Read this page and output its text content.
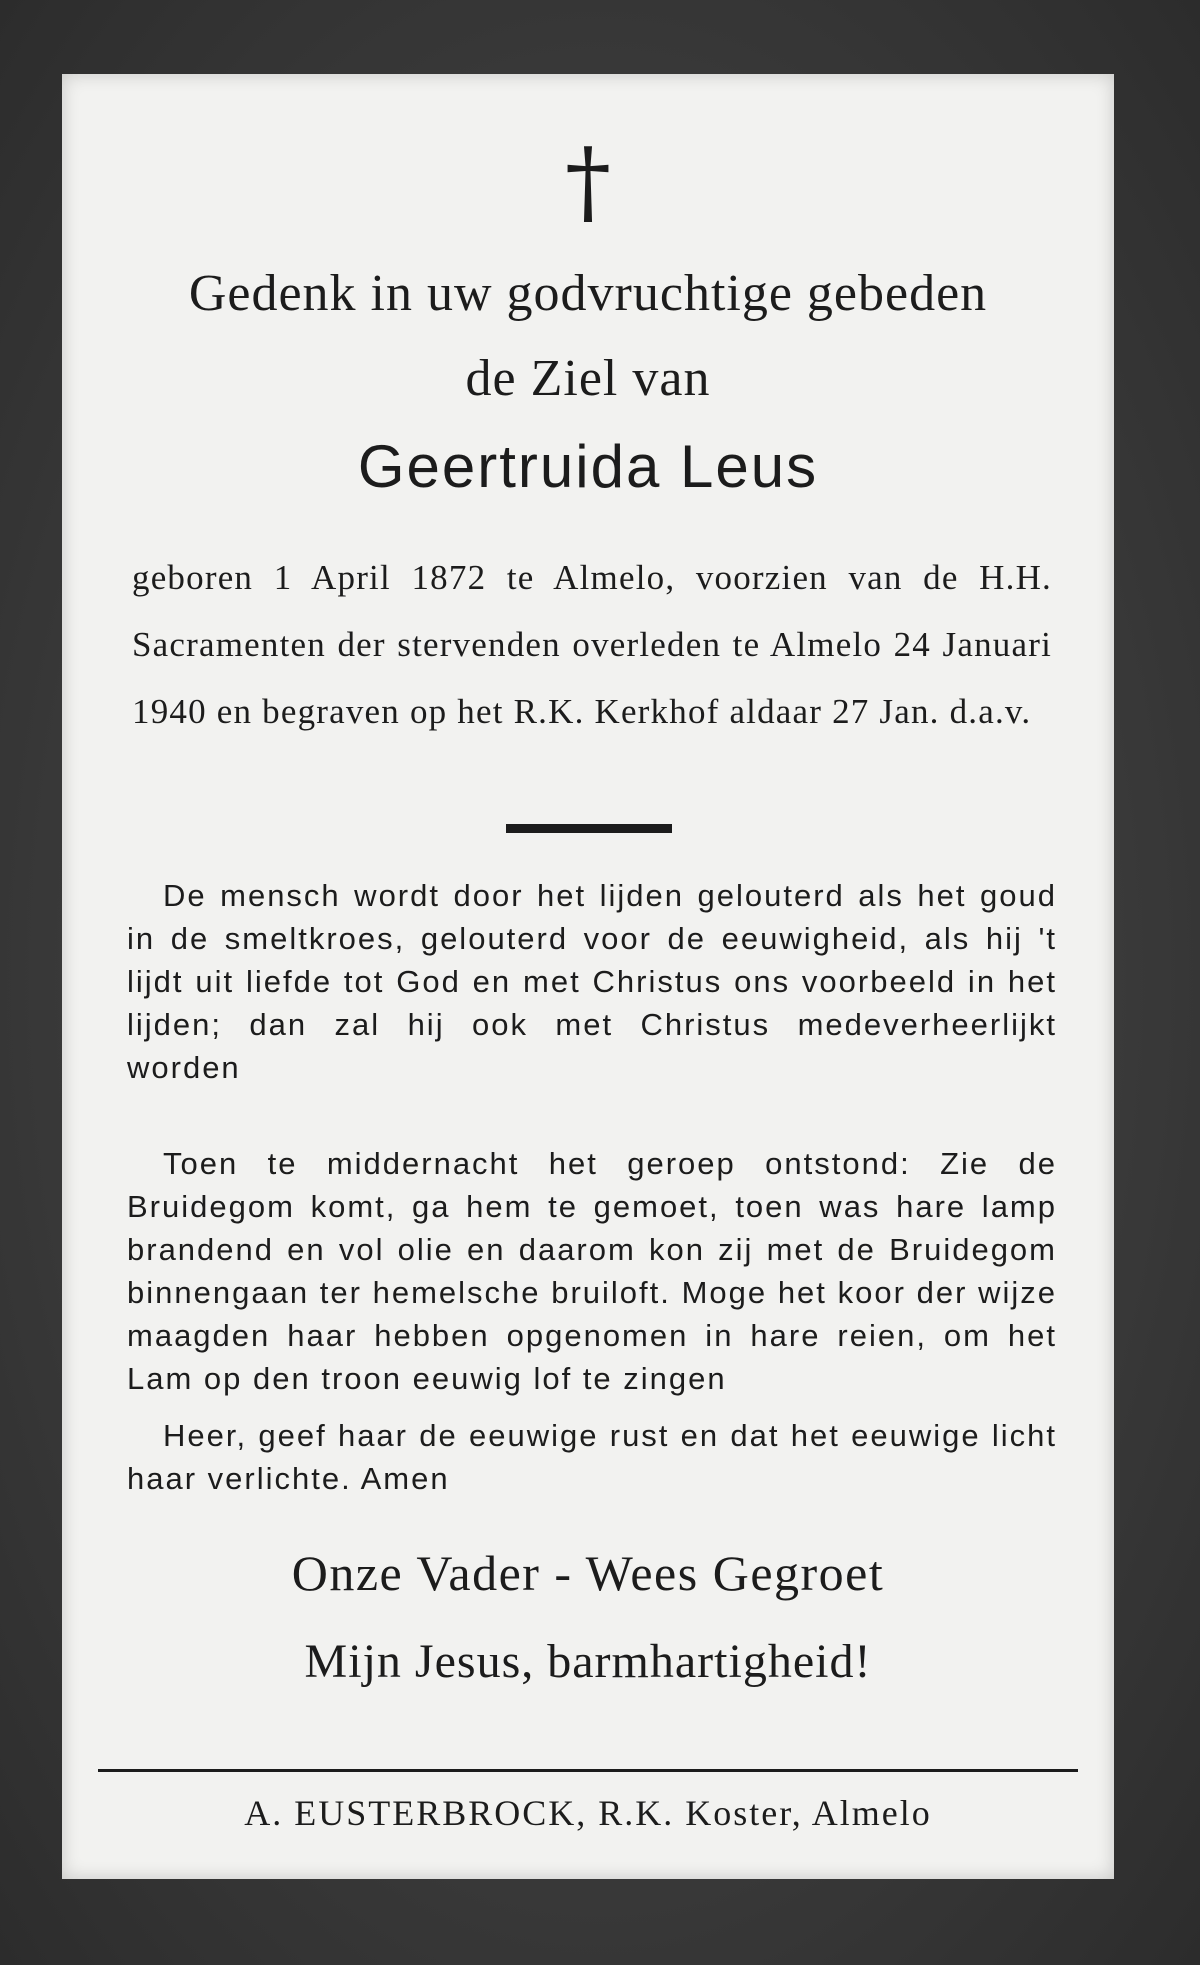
†
Gedenk in uw godvruchtige gebeden
de Ziel van
Geertruida Leus

geboren 1 April 1872 te Almelo, voorzien van de H.H. Sacramenten der stervenden overleden te Almelo 24 Januari 1940 en begraven op het R.K. Kerkhof aldaar 27 Jan. d.a.v.

De mensch wordt door het lijden gelouterd als het goud in de smeltkroes, gelouterd voor de eeuwigheid, als hij 't lijdt uit liefde tot God en met Christus ons voorbeeld in het lijden; dan zal hij ook met Christus medeverheerlijkt worden

Toen te middernacht het geroep ontstond: Zie de Bruidegom komt, ga hem te gemoet, toen was hare lamp brandend en vol olie en daarom kon zij met de Bruidegom binnengaan ter hemelsche bruiloft. Moge het koor der wijze maagden haar hebben opgenomen in hare reien, om het Lam op den troon eeuwig lof te zingen

Heer, geef haar de eeuwige rust en dat het eeuwige licht haar verlichte. Amen

Onze Vader - Wees Gegroet
Mijn Jesus, barmhartigheid!
A. EUSTERBROCK, R.K. Koster, Almelo
